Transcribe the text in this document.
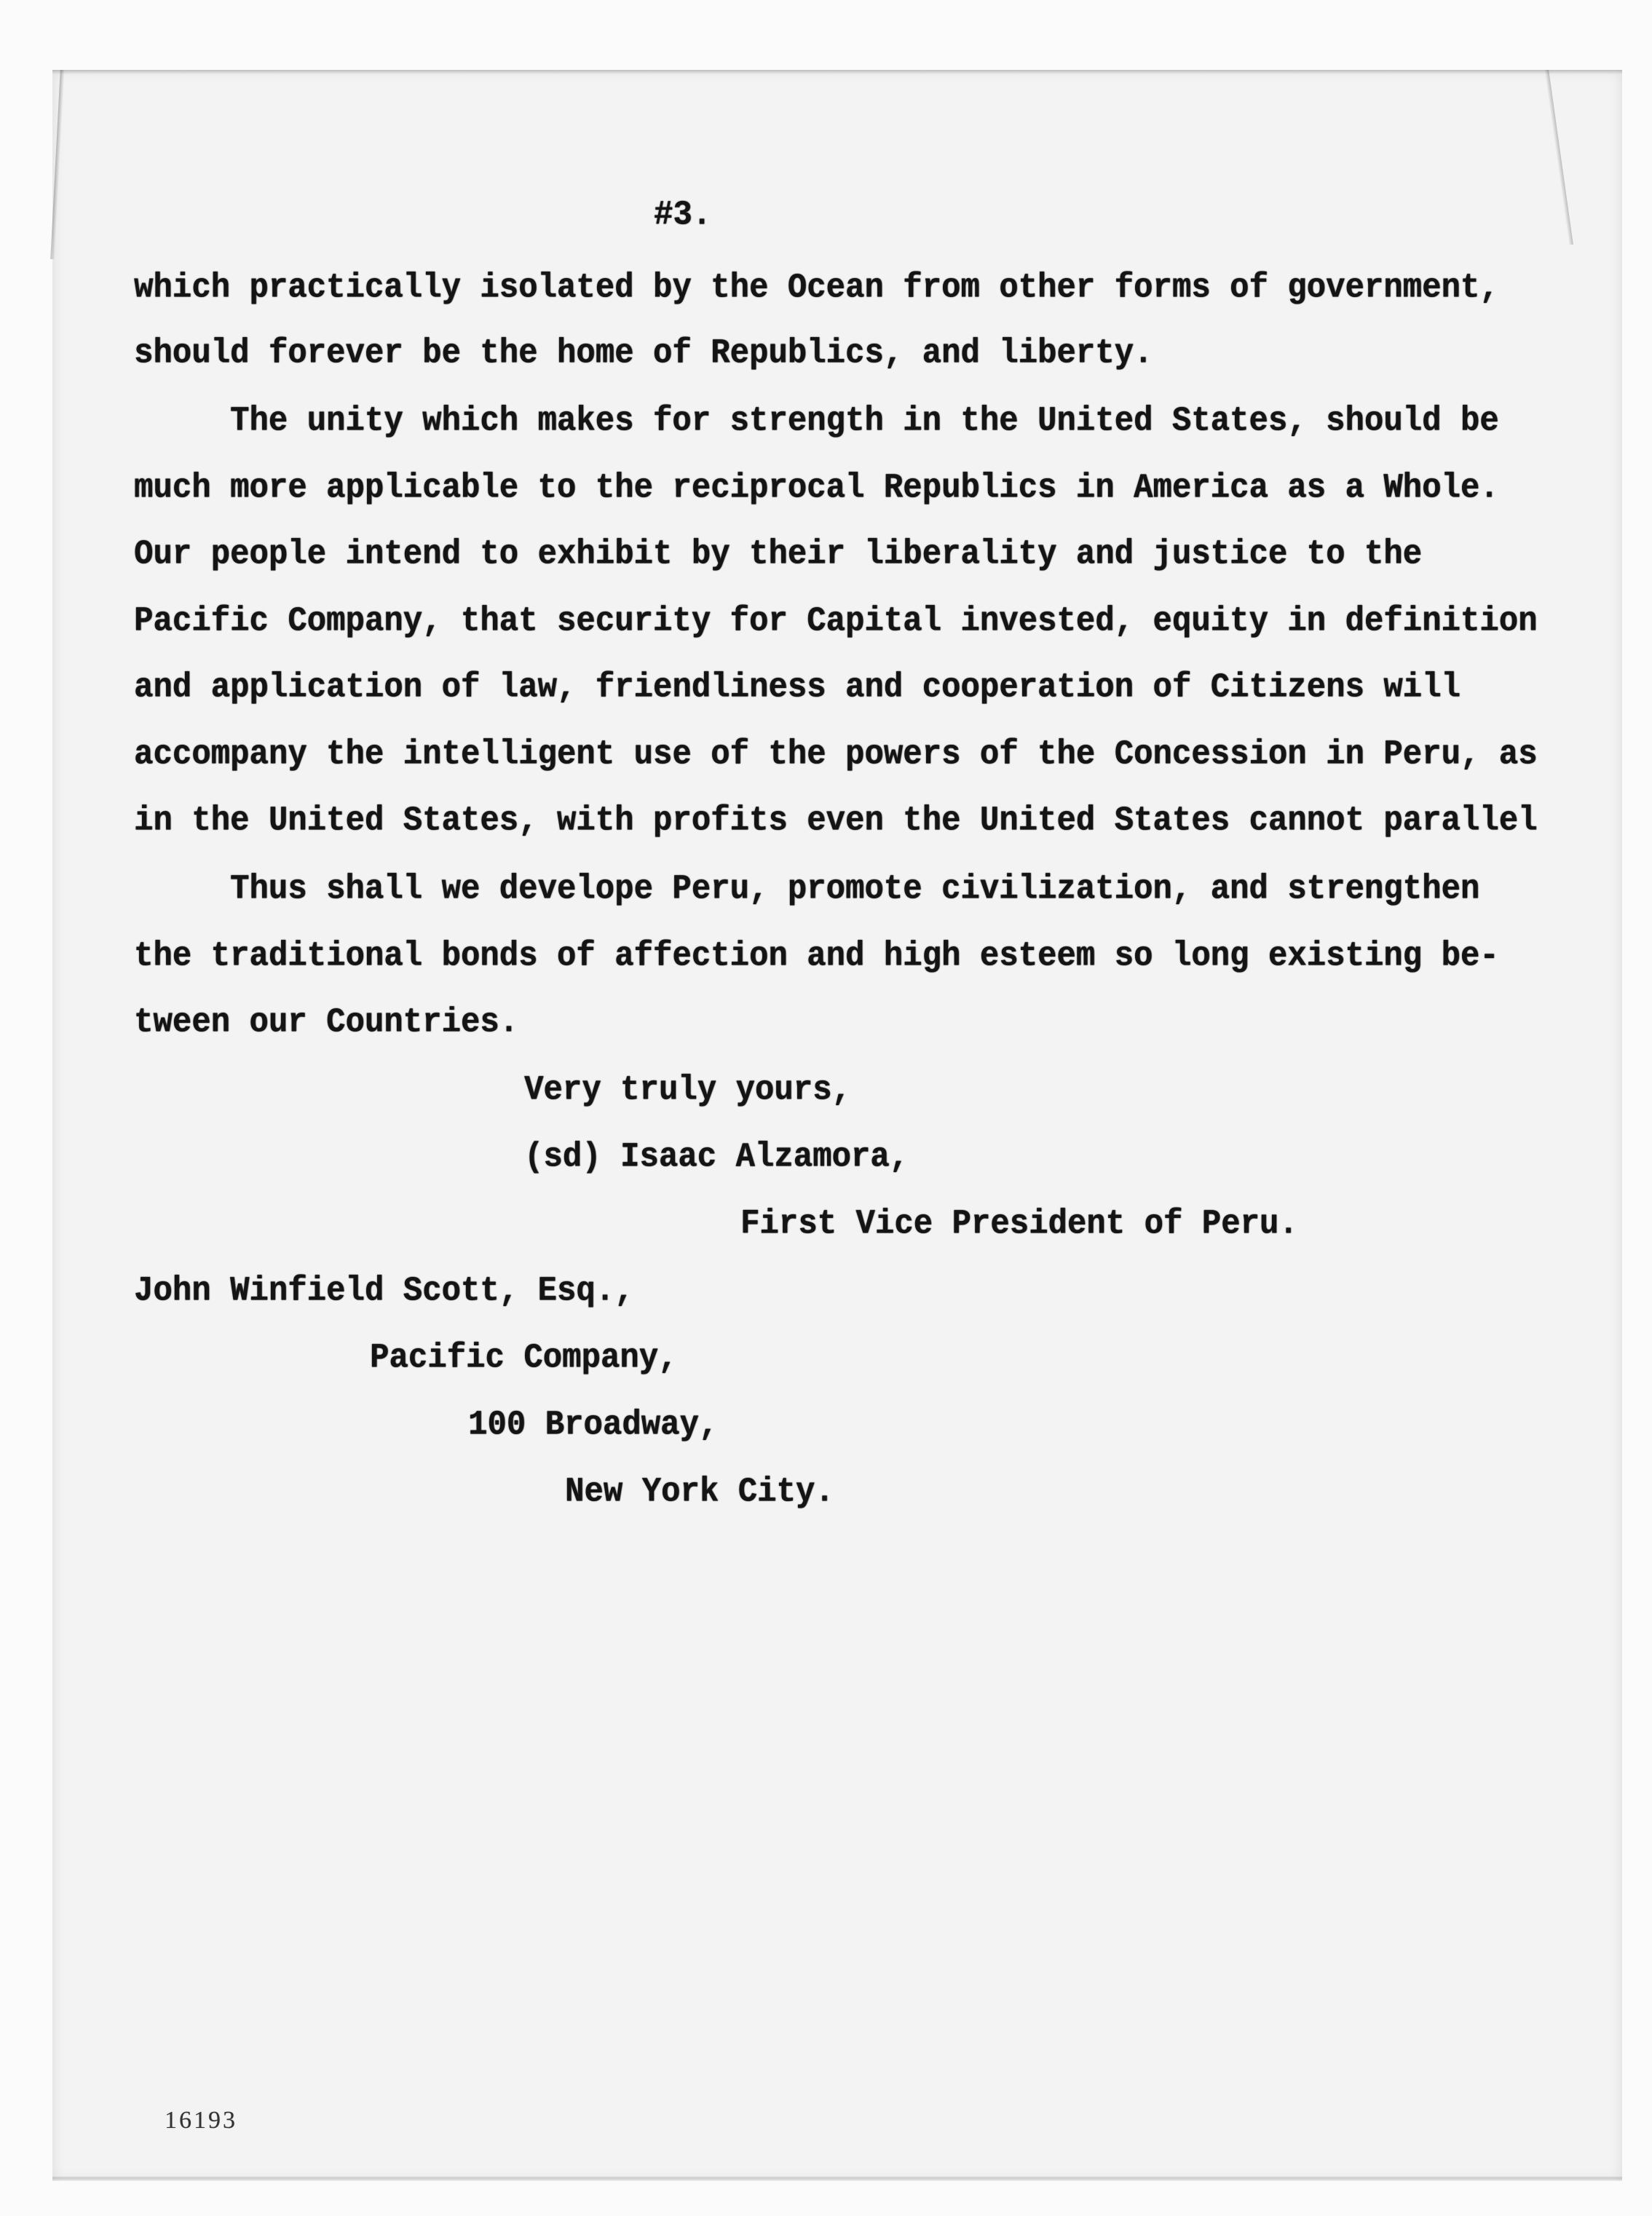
#3.
which practically isolated by the Ocean from other forms of government,
should forever be the home of Republics, and liberty.
The unity which makes for strength in the United States, should be
much more applicable to the reciprocal Republics in America as a Whole.
Our people intend to exhibit by their liberality and justice to the
Pacific Company, that security for Capital invested, equity in definition
and application of law, friendliness and cooperation of Citizens will
accompany the intelligent use of the powers of the Concession in Peru, as
in the United States, with profits even the United States cannot parallel
Thus shall we develope Peru, promote civilization, and strengthen
the traditional bonds of affection and high esteem so long existing be-
tween our Countries.
Very truly yours,
(sd) Isaac Alzamora,
First Vice President of Peru.
John Winfield Scott, Esq.,
Pacific Company,
100 Broadway,
New York City.
16193
